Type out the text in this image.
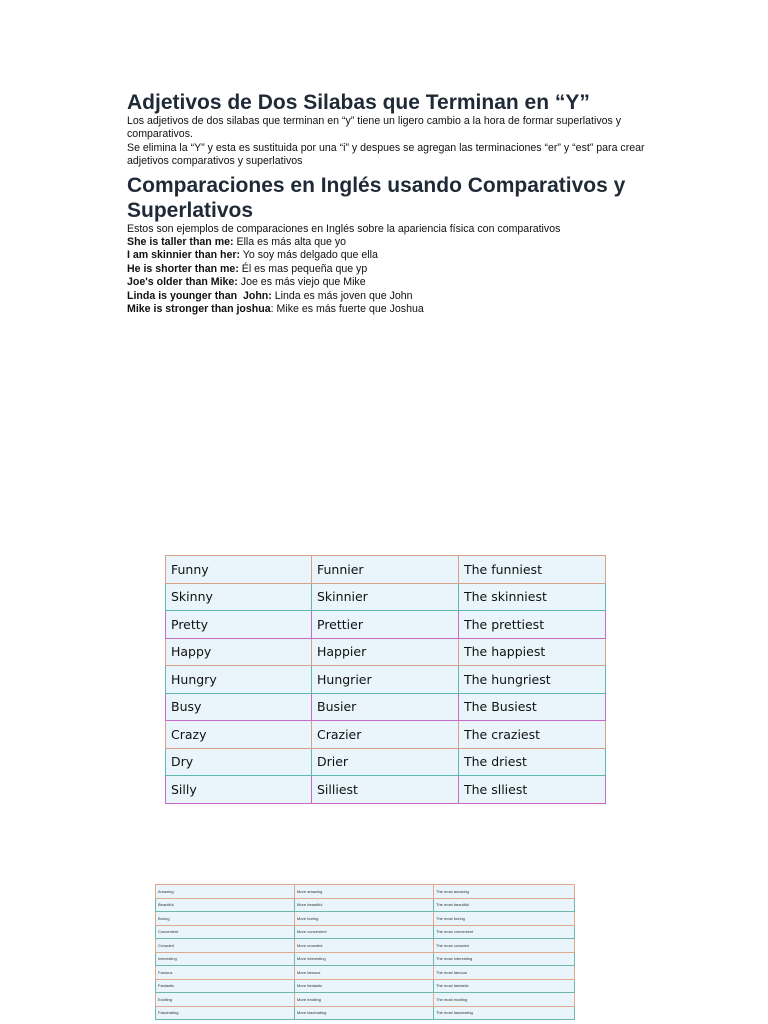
Adjetivos de Dos Silabas que Terminan en “Y”

Los adjetivos de dos silabas que terminan en “y” tiene un ligero cambio a la hora de formar superlativos y comparativos.

Se elimina la “Y” y esta es sustituida por una “i” y despues se agregan las terminaciones “er” y “est” para crear adjetivos comparativos y superlativos

Comparaciones en Inglés usando Comparativos y Superlativos

Estos son ejemplos de comparaciones en Inglés sobre la apariencia física con comparativos

She is taller than me: Ella es más alta que yo

I am skinnier than her: Yo soy más delgado que ella

He is shorter than me: Él es mas pequeña que yp

Joe's older than Mike: Joe es más viejo que Mike

Linda is younger than  John: Linda es más joven que John

Mike is stronger than joshua: Mike es más fuerte que Joshua

Funny	Funnier	The funniest
Skinny	Skinnier	The skinniest
Pretty	Prettier	The prettiest
Happy	Happier	The happiest
Hungry	Hungrier	The hungriest
Busy	Busier	The Busiest
Crazy	Crazier	The craziest
Dry	Drier	The driest
Silly	Silliest	The slliest
Amazing	More amazing	The most amazing
Beautiful	More beautiful	The most beautiful
Boring	More boring	The most boring
Convenient	More convenient	The most convenient
Crowded	More crowded	The most crowded
Interesting	More interesting	The most interesting
Famous	More famous	The most famous
Fantastic	More fantastic	The most fantastic
Exciting	More exciting	The most exciting
Fascinating	More fascinating	The most fascinating
